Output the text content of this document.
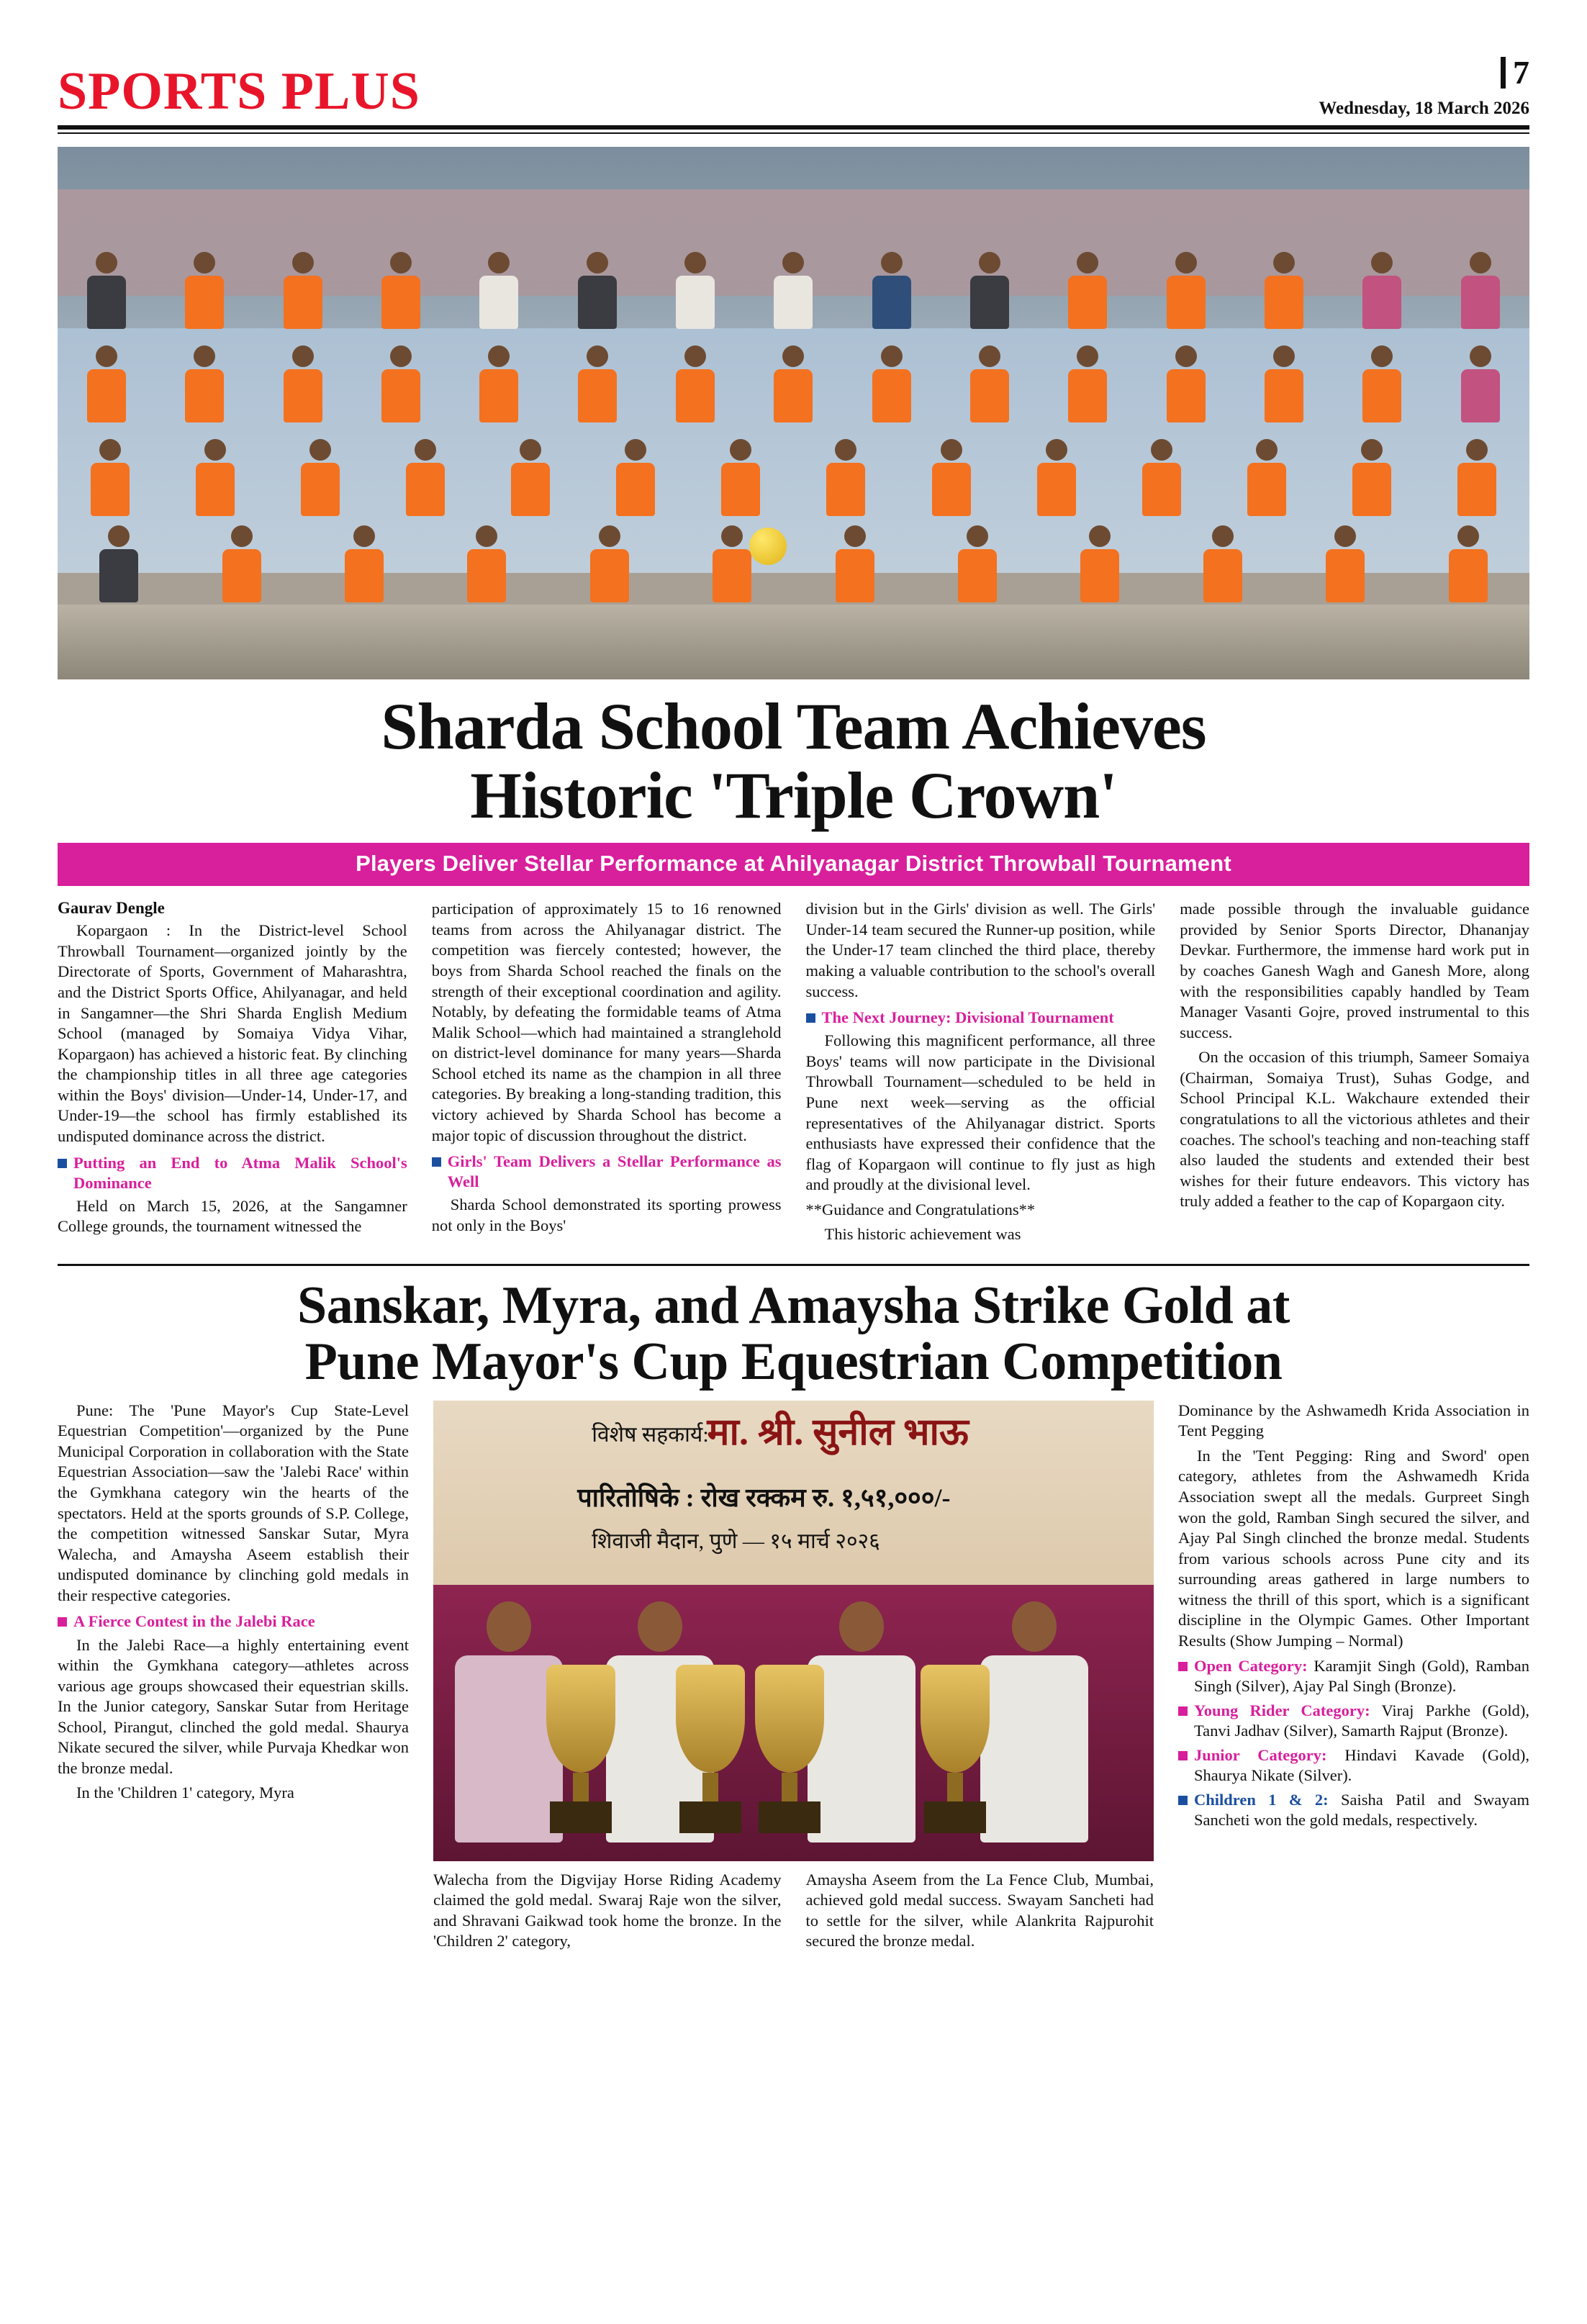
SPORTS PLUS	7
Wednesday, 18 March 2026
Sharda School Team Achieves
Historic 'Triple Crown'
Players Deliver Stellar Performance at Ahilyanagar District Throwball Tournament
Gaurav Dengle

Kopargaon : In the District-level School Throwball Tournament—organized jointly by the Directorate of Sports, Government of Maharashtra, and the District Sports Office, Ahilyanagar, and held in Sangamner—the Shri Sharda English Medium School (managed by Somaiya Vidya Vihar, Kopargaon) has achieved a historic feat. By clinching the championship titles in all three age categories within the Boys' division—Under-14, Under-17, and Under-19—the school has firmly established its undisputed dominance across the district.

Putting an End to Atma Malik School's Dominance

Held on March 15, 2026, at the Sangamner College grounds, the tournament witnessed the

participation of approximately 15 to 16 renowned teams from across the Ahilyanagar district. The competition was fiercely contested; however, the boys from Sharda School reached the finals on the strength of their exceptional coordination and agility. Notably, by defeating the formidable teams of Atma Malik School—which had maintained a stranglehold on district-level dominance for many years—Sharda School etched its name as the champion in all three categories. By breaking a long-standing tradition, this victory achieved by Sharda School has become a major topic of discussion throughout the district.

Girls' Team Delivers a Stellar Performance as Well

Sharda School demonstrated its sporting prowess not only in the Boys'

division but in the Girls' division as well. The Girls' Under-14 team secured the Runner-up position, while the Under-17 team clinched the third place, thereby making a valuable contribution to the school's overall success.

The Next Journey: Divisional Tournament

Following this magnificent performance, all three Boys' teams will now participate in the Divisional Throwball Tournament—scheduled to be held in Pune next week—serving as the official representatives of the Ahilyanagar district. Sports enthusiasts have expressed their confidence that the flag of Kopargaon will continue to fly just as high and proudly at the divisional level.

**Guidance and Congratulations**

This historic achievement was

made possible through the invaluable guidance provided by Senior Sports Director, Dhananjay Devkar. Furthermore, the immense hard work put in by coaches Ganesh Wagh and Ganesh More, along with the responsibilities capably handled by Team Manager Vasanti Gojre, proved instrumental to this success.

On the occasion of this triumph, Sameer Somaiya (Chairman, Somaiya Trust), Suhas Godge, and School Principal K.L. Wakchaure extended their congratulations to all the victorious athletes and their coaches. The school's teaching and non-teaching staff also lauded the students and extended their best wishes for their future endeavors. This victory has truly added a feather to the cap of Kopargaon city.

Sanskar, Myra, and Amaysha Strike Gold at
Pune Mayor's Cup Equestrian Competition

Pune: The 'Pune Mayor's Cup State-Level Equestrian Competition'—organized by the Pune Municipal Corporation in collaboration with the State Equestrian Association—saw the 'Jalebi Race' within the Gymkhana category win the hearts of the spectators. Held at the sports grounds of S.P. College, the competition witnessed Sanskar Sutar, Myra Walecha, and Amaysha Aseem establish their undisputed dominance by clinching gold medals in their respective categories.

A Fierce Contest in the Jalebi Race

In the Jalebi Race—a highly entertaining event within the Gymkhana category—athletes across various age groups showcased their equestrian skills. In the Junior category, Sanskar Sutar from Heritage School, Pirangut, clinched the gold medal. Shaurya Nikate secured the silver, while Purvaja Khedkar won the bronze medal.

In the 'Children 1' category, Myra

विशेष सहकार्य:
मा. श्री. सुनील भाऊ
पारितोषिके : रोख रक्कम रु. १,५१,०००/-
शिवाजी मैदान, पुणे — १५ मार्च २०२६

Walecha from the Digvijay Horse Riding Academy claimed the gold medal. Swaraj Raje won the silver, and Shravani Gaikwad took home the bronze. In the 'Children 2' category,

Amaysha Aseem from the La Fence Club, Mumbai, achieved gold medal success. Swayam Sancheti had to settle for the silver, while Alankrita Rajpurohit secured the bronze medal.

Dominance by the Ashwamedh Krida Association in Tent Pegging

In the 'Tent Pegging: Ring and Sword' open category, athletes from the Ashwamedh Krida Association swept all the medals. Gurpreet Singh won the gold, Ramban Singh secured the silver, and Ajay Pal Singh clinched the bronze medal. Students from various schools across Pune city and its surrounding areas gathered in large numbers to witness the thrill of this sport, which is a significant discipline in the Olympic Games. Other Important Results (Show Jumping – Normal)

Open Category: Karamjit Singh (Gold), Ramban Singh (Silver), Ajay Pal Singh (Bronze).
Young Rider Category: Viraj Parkhe (Gold), Tanvi Jadhav (Silver), Samarth Rajput (Bronze).
Junior Category: Hindavi Kavade (Gold), Shaurya Nikate (Silver).
Children 1 & 2: Saisha Patil and Swayam Sancheti won the gold medals, respectively.
